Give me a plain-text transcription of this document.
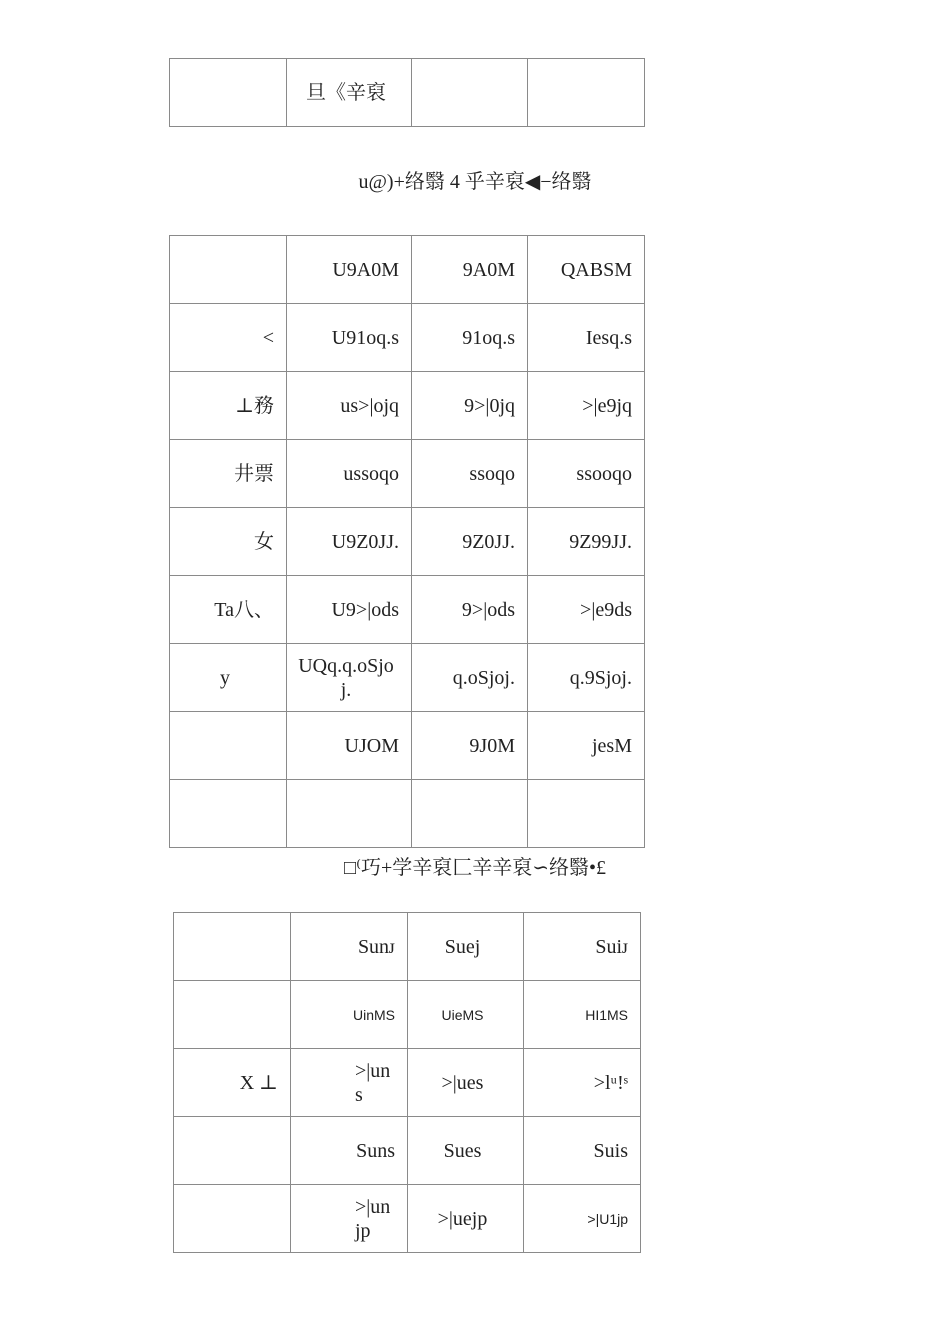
	旦《辛裒		
u@)+络翳 4 乎辛裒◀−络翳
	U9A0M	9A0M	QABSM
<	U91oq.s	91oq.s	Iesq.s
⊥務	us>|ojq	9>|0jq	>|e9jq
井票	ussoqo	ssoqo	ssooqo
女	U9Z0JJ.	9Z0JJ.	9Z99JJ.
Ta八、	U9>|ods	9>|ods	>|e9ds
y	UQq.q.oSjoj.	q.oSjoj.	q.9Sjoj.
	UJOM	9J0M	jesM

□⁽巧+学辛裒匚辛辛裒∽络翳•£
	Sunᴊ	Suej	Suiᴊ
	UinMS	UieMS	HI1MS
X ⊥	>|uns	>|ues	>lᵘ!ˢ
	Suns	Sues	Suis
	>|unjp	>|uejp	>|U1jp
